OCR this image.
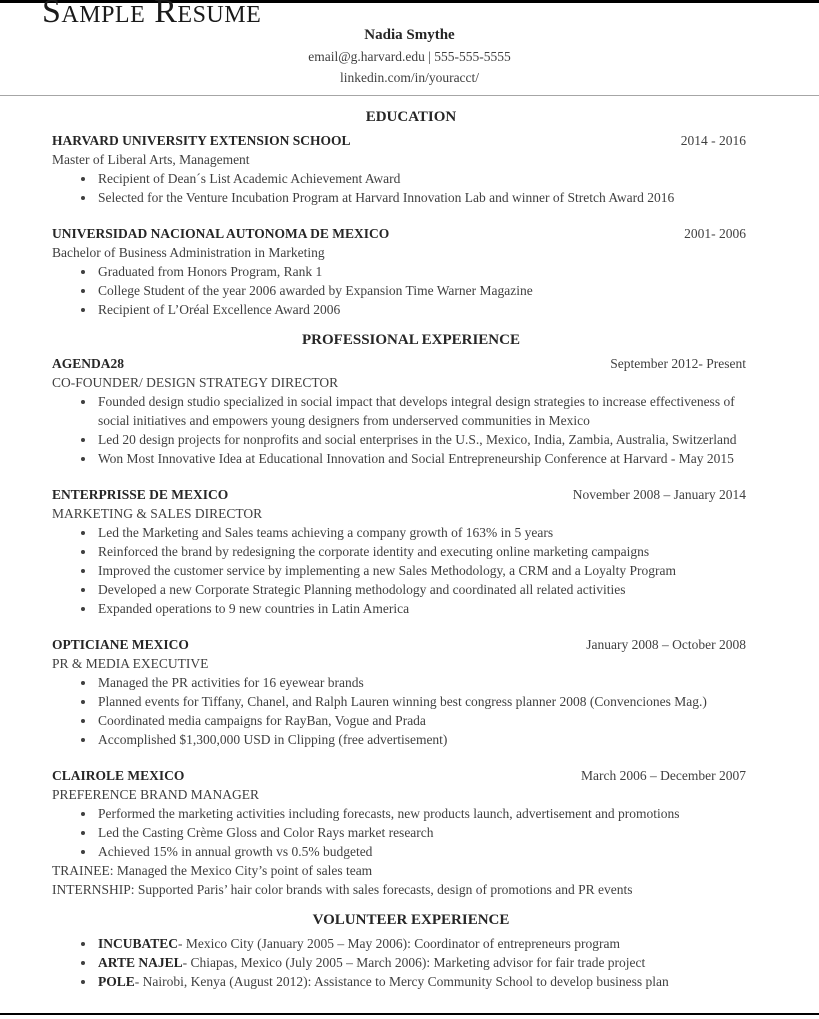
Sample Resume
Nadia Smythe
email@g.harvard.edu | 555-555-5555
linkedin.com/in/youracct/
EDUCATION
HARVARD UNIVERSITY EXTENSION SCHOOL	2014 - 2016
Master of Liberal Arts, Management
• Recipient of Dean´s List Academic Achievement Award
• Selected for the Venture Incubation Program at Harvard Innovation Lab and winner of Stretch Award 2016
UNIVERSIDAD NACIONAL AUTONOMA DE MEXICO	2001- 2006
Bachelor of Business Administration in Marketing
• Graduated from Honors Program, Rank 1
• College Student of the year 2006 awarded by Expansion Time Warner Magazine
• Recipient of L’Oréal Excellence Award 2006
PROFESSIONAL EXPERIENCE
AGENDA28	September 2012- Present
CO-FOUNDER/ DESIGN STRATEGY DIRECTOR
• Founded design studio specialized in social impact that develops integral design strategies to increase effectiveness of social initiatives and empowers young designers from underserved communities in Mexico
• Led 20 design projects for nonprofits and social enterprises in the U.S., Mexico, India, Zambia, Australia, Switzerland
• Won Most Innovative Idea at Educational Innovation and Social Entrepreneurship Conference at Harvard - May 2015
ENTERPRISSE DE MEXICO	November 2008 – January 2014
MARKETING & SALES DIRECTOR
• Led the Marketing and Sales teams achieving a company growth of 163% in 5 years
• Reinforced the brand by redesigning the corporate identity and executing online marketing campaigns
• Improved the customer service by implementing a new Sales Methodology, a CRM and a Loyalty Program
• Developed a new Corporate Strategic Planning methodology and coordinated all related activities
• Expanded operations to 9 new countries in Latin America
OPTICIANE MEXICO	January 2008 – October 2008
PR & MEDIA EXECUTIVE
• Managed the PR activities for 16 eyewear brands
• Planned events for Tiffany, Chanel, and Ralph Lauren winning best congress planner 2008 (Convenciones Mag.)
• Coordinated media campaigns for RayBan, Vogue and Prada
• Accomplished $1,300,000 USD in Clipping (free advertisement)
CLAIROLE MEXICO	March 2006 – December 2007
PREFERENCE BRAND MANAGER
• Performed the marketing activities including forecasts, new products launch, advertisement and promotions
• Led the Casting Crème Gloss and Color Rays market research
• Achieved 15% in annual growth vs 0.5% budgeted
TRAINEE: Managed the Mexico City’s point of sales team
INTERNSHIP: Supported Paris’ hair color brands with sales forecasts, design of promotions and PR events
VOLUNTEER EXPERIENCE
• INCUBATEC- Mexico City (January 2005 – May 2006): Coordinator of entrepreneurs program
• ARTE NAJEL- Chiapas, Mexico (July 2005 – March 2006): Marketing advisor for fair trade project
• POLE- Nairobi, Kenya (August 2012): Assistance to Mercy Community School to develop business plan
